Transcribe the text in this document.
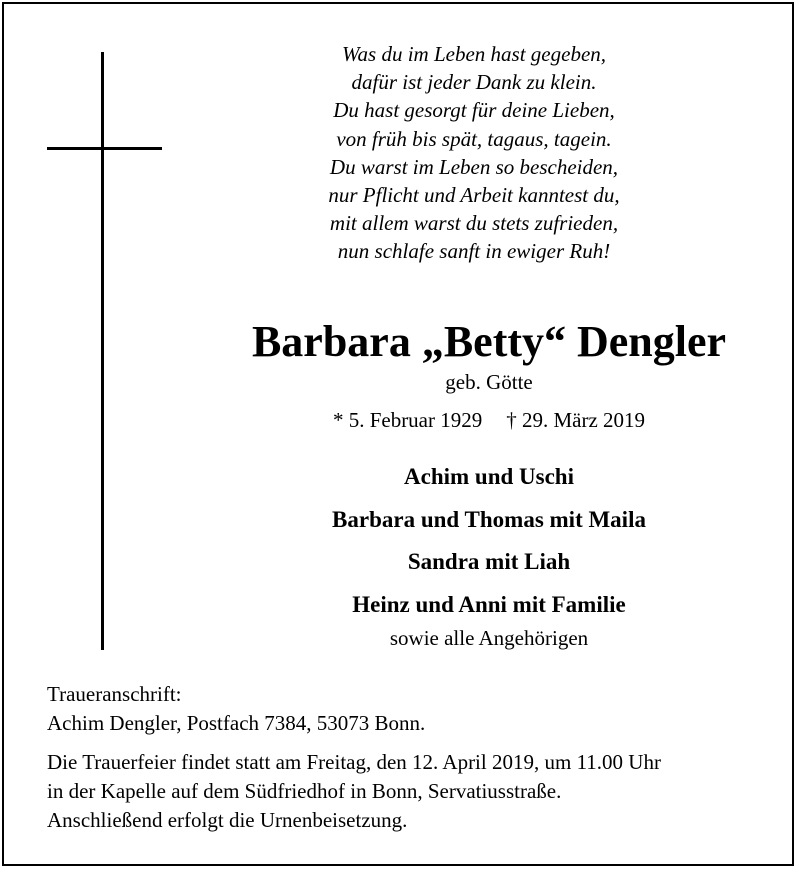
Was du im Leben hast gegeben,
dafür ist jeder Dank zu klein.
Du hast gesorgt für deine Lieben,
von früh bis spät, tagaus, tagein.
Du warst im Leben so bescheiden,
nur Pflicht und Arbeit kanntest du,
mit allem warst du stets zufrieden,
nun schlafe sanft in ewiger Ruh!
Barbara „Betty“ Dengler
geb. Götte
* 5. Februar 1929 † 29. März 2019
Achim und Uschi
Barbara und Thomas mit Maila
Sandra mit Liah
Heinz und Anni mit Familie
sowie alle Angehörigen
Traueranschrift:
Achim Dengler, Postfach 7384, 53073 Bonn.
Die Trauerfeier findet statt am Freitag, den 12. April 2019, um 11.00 Uhr
in der Kapelle auf dem Südfriedhof in Bonn, Servatiusstraße.
Anschließend erfolgt die Urnenbeisetzung.
